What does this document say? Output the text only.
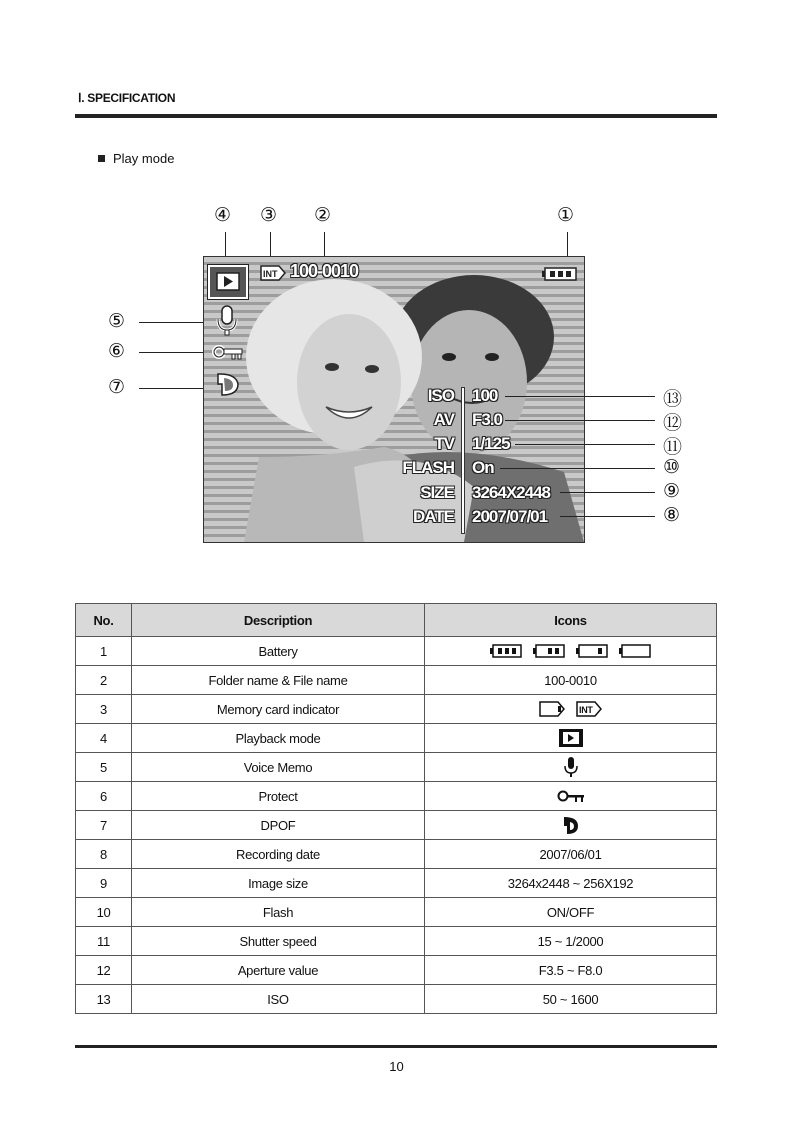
Ⅰ. SPECIFICATION
Play mode
④ ③ ②	①
⑤
⑥
⑦
INT 100-0010
ISO 100
AV F3.0
TV 1/125
FLASH On
SIZE 3264X2448
DATE 2007/07/01
⑬
⑫
⑪
⑩
⑨
⑧
No.	Description	Icons
1	Battery	
2	Folder name & File name	100-0010
3	Memory card indicator	INT

4	Playback mode	
5	Voice Memo	
6	Protect	
7	DPOF	
8	Recording date	2007/06/01
9	Image size	3264x2448 ~ 256X192
10	Flash	ON/OFF
11	Shutter speed	15 ~ 1/2000
12	Aperture value	F3.5 ~ F8.0
13	ISO	50 ~ 1600
10
